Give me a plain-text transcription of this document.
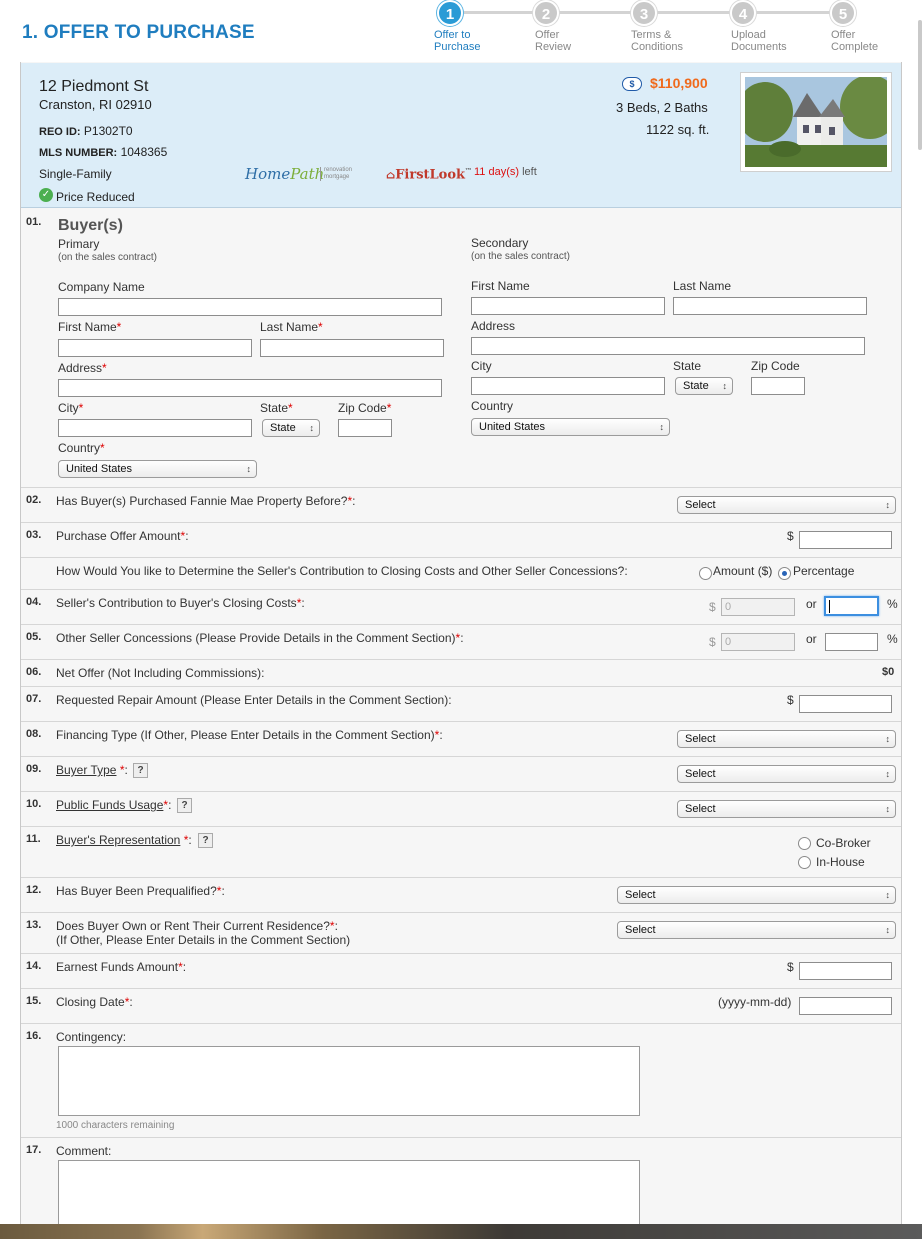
1. OFFER TO PURCHASE
1	2	3	4	5
Offer to
Purchase
Offer
Review
Terms &
Conditions
Upload
Documents
Offer
Complete
12 Piedmont St
Cranston, RI 02910
REO ID: P1302T0
MLS NUMBER: 1048365
Single-Family
✓ Price Reduced
$	$110,900
3 Beds, 2 Baths
1122 sq. ft.
HomePath renovation
mortgage	⌂FirstLook™ 11 day(s) left
01. Buyer(s)
Primary
(on the sales contract)
Secondary
(on the sales contract)
Company Name
First Name*	Last Name*
Address*
City*	State*
State ↕
Zip Code*
Country*
United States ↕
First Name	Last Name
Address
City	State
State ↕
Zip Code
Country
United States ↕
02. Has Buyer(s) Purchased Fannie Mae Property Before?*:	Select ↕
03. Purchase Offer Amount*:	$
How Would You like to Determine the Seller's Contribution to Closing Costs and Other Seller Concessions?:	Amount ($) Percentage
04. Seller's Contribution to Buyer's Closing Costs*:	$ 0	or	%
05. Other Seller Concessions (Please Provide Details in the Comment Section)*:	$ 0	or	%
06. Net Offer (Not Including Commissions):	$0
07. Requested Repair Amount (Please Enter Details in the Comment Section):	$
08. Financing Type (If Other, Please Enter Details in the Comment Section)*:	Select ↕
09. Buyer Type *: ?	Select ↕
10. Public Funds Usage*:	?	Select ↕
11. Buyer's Representation *:	?	Co-Broker
In-House
12. Has Buyer Been Prequalified?*:	Select ↕
13. Does Buyer Own or Rent Their Current Residence?*:
(If Other, Please Enter Details in the Comment Section)
Select ↕
14. Earnest Funds Amount*:	$
15. Closing Date*:	(yyyy-mm-dd)
16. Contingency:
1000 characters remaining
17. Comment:
